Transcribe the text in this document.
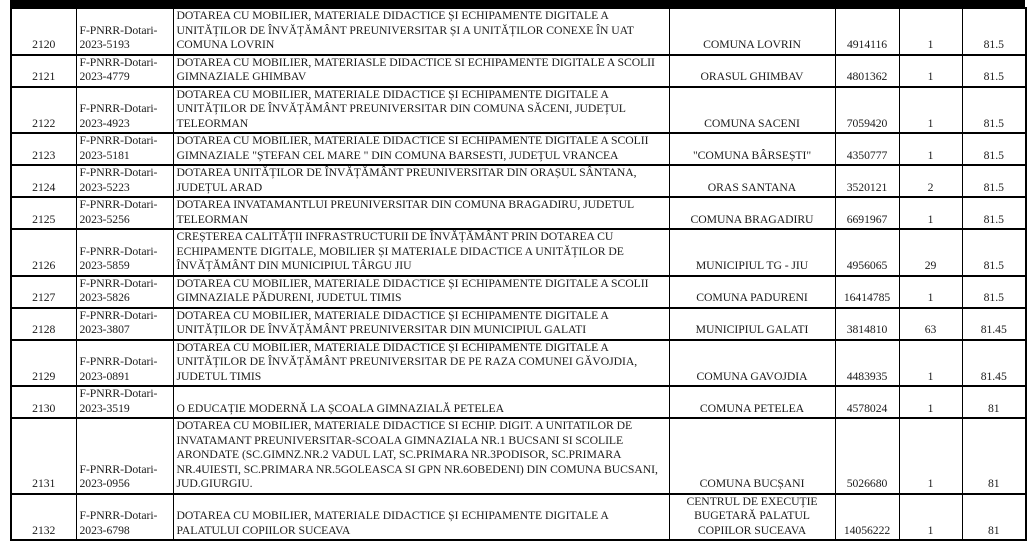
2120	F-PNRR-Dotari-2023-5193	DOTAREA CU MOBILIER, MATERIALE DIDACTICE ȘI ECHIPAMENTE DIGITALE A UNITĂȚILOR DE ÎNVĂȚĂMÂNT PREUNIVERSITAR ȘI A UNITĂȚILOR CONEXE ÎN UAT COMUNA LOVRIN	COMUNA LOVRIN	4914116	1	81.5
2121	F-PNRR-Dotari-2023-4779	DOTAREA CU MOBILIER, MATERIASLE DIDACTICE SI ECHIPAMENTE DIGITALE A SCOLII GIMNAZIALE GHIMBAV	ORASUL GHIMBAV	4801362	1	81.5
2122	F-PNRR-Dotari-2023-4923	DOTAREA CU MOBILIER, MATERIALE DIDACTICE ȘI ECHIPAMENTE DIGITALE A UNITĂȚILOR DE ÎNVĂȚĂMÂNT PREUNIVERSITAR DIN COMUNA SĂCENI, JUDEȚUL TELEORMAN	COMUNA SACENI	7059420	1	81.5
2123	F-PNRR-Dotari-2023-5181	DOTAREA CU MOBILIER, MATERIALE DIDACTICE SI ECHIPAMENTE DIGITALE A SCOLII GIMNAZIALE "ȘTEFAN CEL MARE " DIN COMUNA BARSESTI, JUDEȚUL VRANCEA	"COMUNA BÂRSEȘTI"	4350777	1	81.5
2124	F-PNRR-Dotari-2023-5223	DOTAREA UNITĂȚILOR DE ÎNVĂȚĂMÂNT PREUNIVERSITAR DIN ORAȘUL SÂNTANA, JUDEȚUL ARAD	ORAS SANTANA	3520121	2	81.5
2125	F-PNRR-Dotari-2023-5256	DOTAREA INVATAMANTLUI PREUNIVERSITAR DIN COMUNA BRAGADIRU, JUDETUL TELEORMAN	COMUNA BRAGADIRU	6691967	1	81.5
2126	F-PNRR-Dotari-2023-5859	CREȘTEREA CALITĂȚII INFRASTRUCTURII DE ÎNVĂȚĂMÂNT PRIN DOTAREA CU ECHIPAMENTE DIGITALE, MOBILIER ȘI MATERIALE DIDACTICE A UNITĂȚILOR DE ÎNVĂȚĂMÂNT DIN MUNICIPIUL TÂRGU JIU	MUNICIPIUL TG - JIU	4956065	29	81.5
2127	F-PNRR-Dotari-2023-5826	DOTAREA CU MOBILIER, MATERIALE DIDACTICE ȘI ECHIPAMENTE DIGITALE A SCOLII GIMNAZIALE PĂDURENI, JUDETUL TIMIS	COMUNA PADURENI	16414785	1	81.5
2128	F-PNRR-Dotari-2023-3807	DOTAREA CU MOBILIER, MATERIALE DIDACTICE ȘI ECHIPAMENTE DIGITALE A UNITĂȚILOR DE ÎNVĂȚĂMÂNT PREUNIVERSITAR DIN MUNICIPIUL GALATI	MUNICIPIUL GALATI	3814810	63	81.45
2129	F-PNRR-Dotari-2023-0891	DOTAREA CU MOBILIER, MATERIALE DIDACTICE ȘI ECHIPAMENTE DIGITALE A UNITĂȚILOR DE ÎNVĂȚĂMÂNT PREUNIVERSITAR DE PE RAZA COMUNEI GĂVOJDIA, JUDETUL TIMIS	COMUNA GAVOJDIA	4483935	1	81.45
2130	F-PNRR-Dotari-2023-3519	O EDUCAȚIE MODERNĂ LA ȘCOALA GIMNAZIALĂ PETELEA	COMUNA PETELEA	4578024	1	81
2131	F-PNRR-Dotari-2023-0956	DOTAREA CU MOBILIER, MATERIALE DIDACTICE SI ECHIP. DIGIT. A UNITATILOR DE INVATAMANT PREUNIVERSITAR-SCOALA GIMNAZIALA NR.1 BUCSANI SI SCOLILE ARONDATE (SC.GIMNZ.NR.2 VADUL LAT, SC.PRIMARA NR.3PODISOR, SC.PRIMARA NR.4UIESTI, SC.PRIMARA NR.5GOLEASCA SI GPN NR.6OBEDENI) DIN COMUNA BUCSANI, JUD.GIURGIU.	COMUNA BUCȘANI	5026680	1	81
2132	F-PNRR-Dotari-2023-6798	DOTAREA CU MOBILIER, MATERIALE DIDACTICE ȘI ECHIPAMENTE DIGITALE A PALATULUI COPIILOR SUCEAVA	CENTRUL DE EXECUȚIE BUGETARĂ PALATUL COPIILOR SUCEAVA	14056222	1	81
